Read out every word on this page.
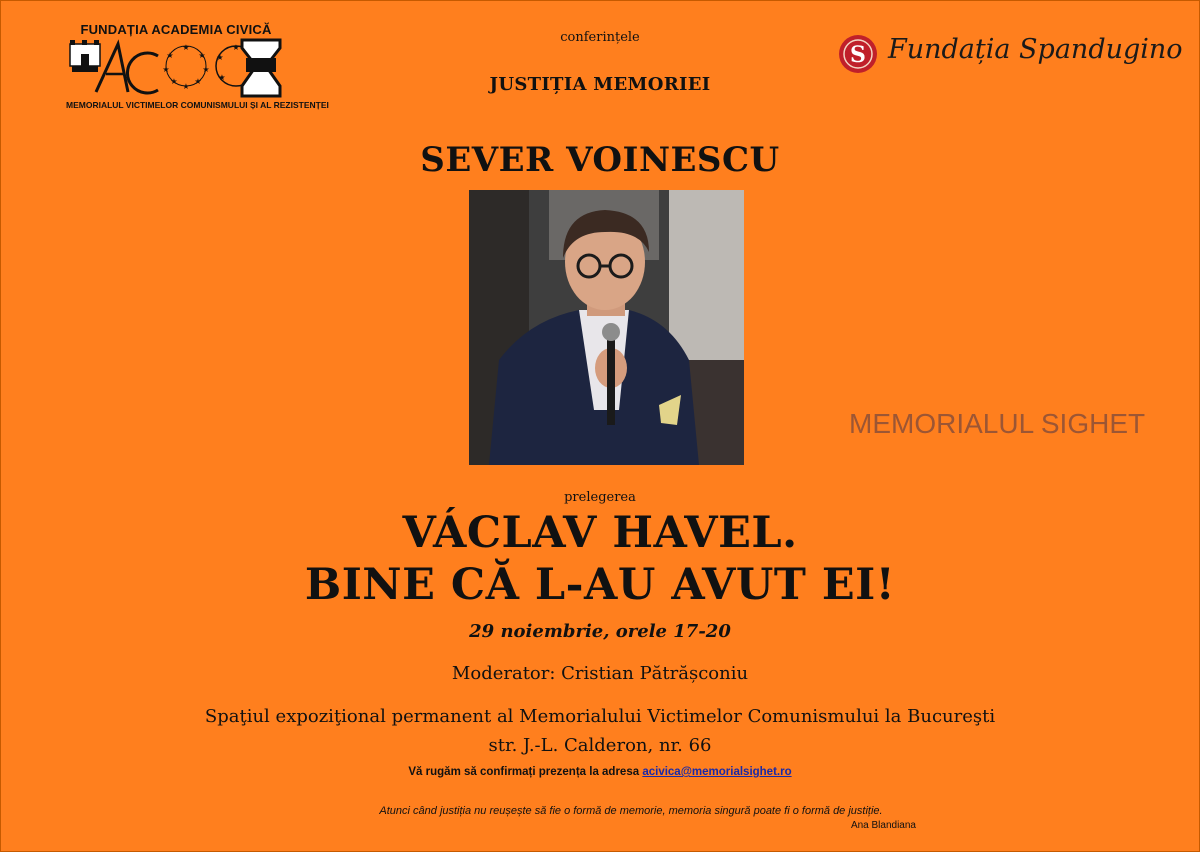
FUNDAȚIA ACADEMIA CIVICĂ
★
★
★
★
★
★
★
★
★
★
★
MEMORIALUL VICTIMELOR COMUNISMULUI ȘI AL REZISTENȚEI
S Fundația Spandugino
conferințele
JUSTIȚIA MEMORIEI
SEVER VOINESCU
MEMORIALUL SIGHET
prelegerea
VÁCLAV HAVEL.
BINE CĂ L-AU AVUT EI!
29 noiembrie, orele 17-20
Moderator: Cristian Pătrășconiu
Spaţiul expoziţional permanent al Memorialului Victimelor Comunismului la Bucureşti
str. J.-L. Calderon, nr. 66
Vă rugăm să confirmați prezența la adresa acivica@memorialsighet.ro
Atunci când justiția nu reușește să fie o formă de memorie, memoria singură poate fi o formă de justiție.
Ana Blandiana
